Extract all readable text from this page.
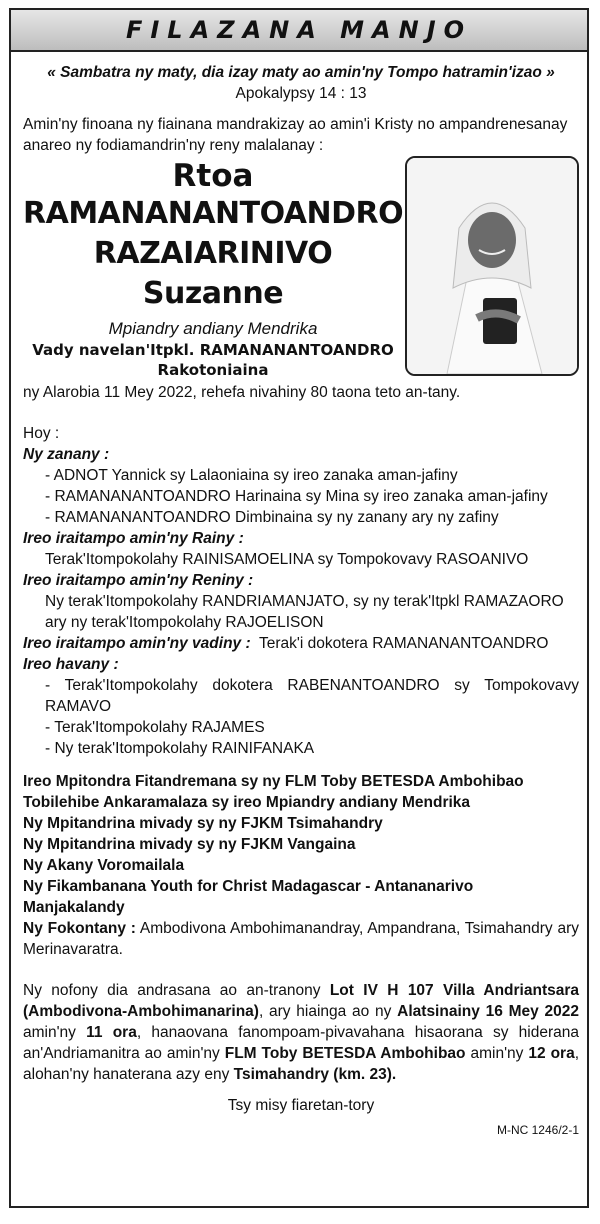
FILAZANA MANJO

« Sambatra ny maty, dia izay maty ao amin'ny Tompo hatramin'izao »

Apokalypsy 14 : 13

Amin'ny finoana ny fiainana mandrakizay ao amin'i Kristy no ampandrenesanay anareo ny fodiamandrin'ny reny malalanay :

Rtoa
RAMANANANTOANDRO
RAZAIARINIVO Suzanne
Mpiandry andiany Mendrika
Vady navelan'Itpkl. RAMANANANTOANDRO
Rakotoniaina

ny Alarobia 11 Mey 2022, rehefa nivahiny 80 taona teto an-tany.

Hoy :

Ny zanany :

- ADNOT Yannick sy Lalaoniaina sy ireo zanaka aman-jafiny

- RAMANANANTOANDRO Harinaina sy Mina sy ireo zanaka aman-jafiny

- RAMANANANTOANDRO Dimbinaina sy ny zanany ary ny zafiny

Ireo iraitampo amin'ny Rainy :

Terak'Itompokolahy RAINISAMOELINA sy Tompokovavy RASOANIVO

Ireo iraitampo amin'ny Reniny :

Ny terak'Itompokolahy RANDRIAMANJATO, sy ny terak'Itpkl RAMAZAORO ary ny terak'Itompokolahy RAJOELISON

Ireo iraitampo amin'ny vadiny : Terak'i dokotera RAMANANANTOANDRO

Ireo havany :

- Terak'Itompokolahy dokotera RABENANTOANDRO sy Tompokovavy RAMAVO

- Terak'Itompokolahy RAJAMES

- Ny terak'Itompokolahy RAINIFANAKA

Ireo Mpitondra Fitandremana sy ny FLM Toby BETESDA Ambohibao Tobilehibe Ankaramalaza sy ireo Mpiandry andiany Mendrika

Ny Mpitandrina mivady sy ny FJKM Tsimahandry

Ny Mpitandrina mivady sy ny FJKM Vangaina

Ny Akany Voromailala

Ny Fikambanana Youth for Christ Madagascar - Antananarivo Manjakalandy

Ny Fokontany : Ambodivona Ambohimanandray, Ampandrana, Tsimahandry ary Merinavaratra.

Ny nofony dia andrasana ao an-tranony Lot IV H 107 Villa Andriantsara (Ambodivona-Ambohimanarina), ary hiainga ao ny Alatsinainy 16 Mey 2022 amin'ny 11 ora, hanaovana fanompoam-pivavahana hisaorana sy hiderana an'Andriamanitra ao amin'ny FLM Toby BETESDA Ambohibao amin'ny 12 ora, alohan'ny hanaterana azy eny Tsimahandry (km. 23).

Tsy misy fiaretan-tory

M-NC 1246/2-1
